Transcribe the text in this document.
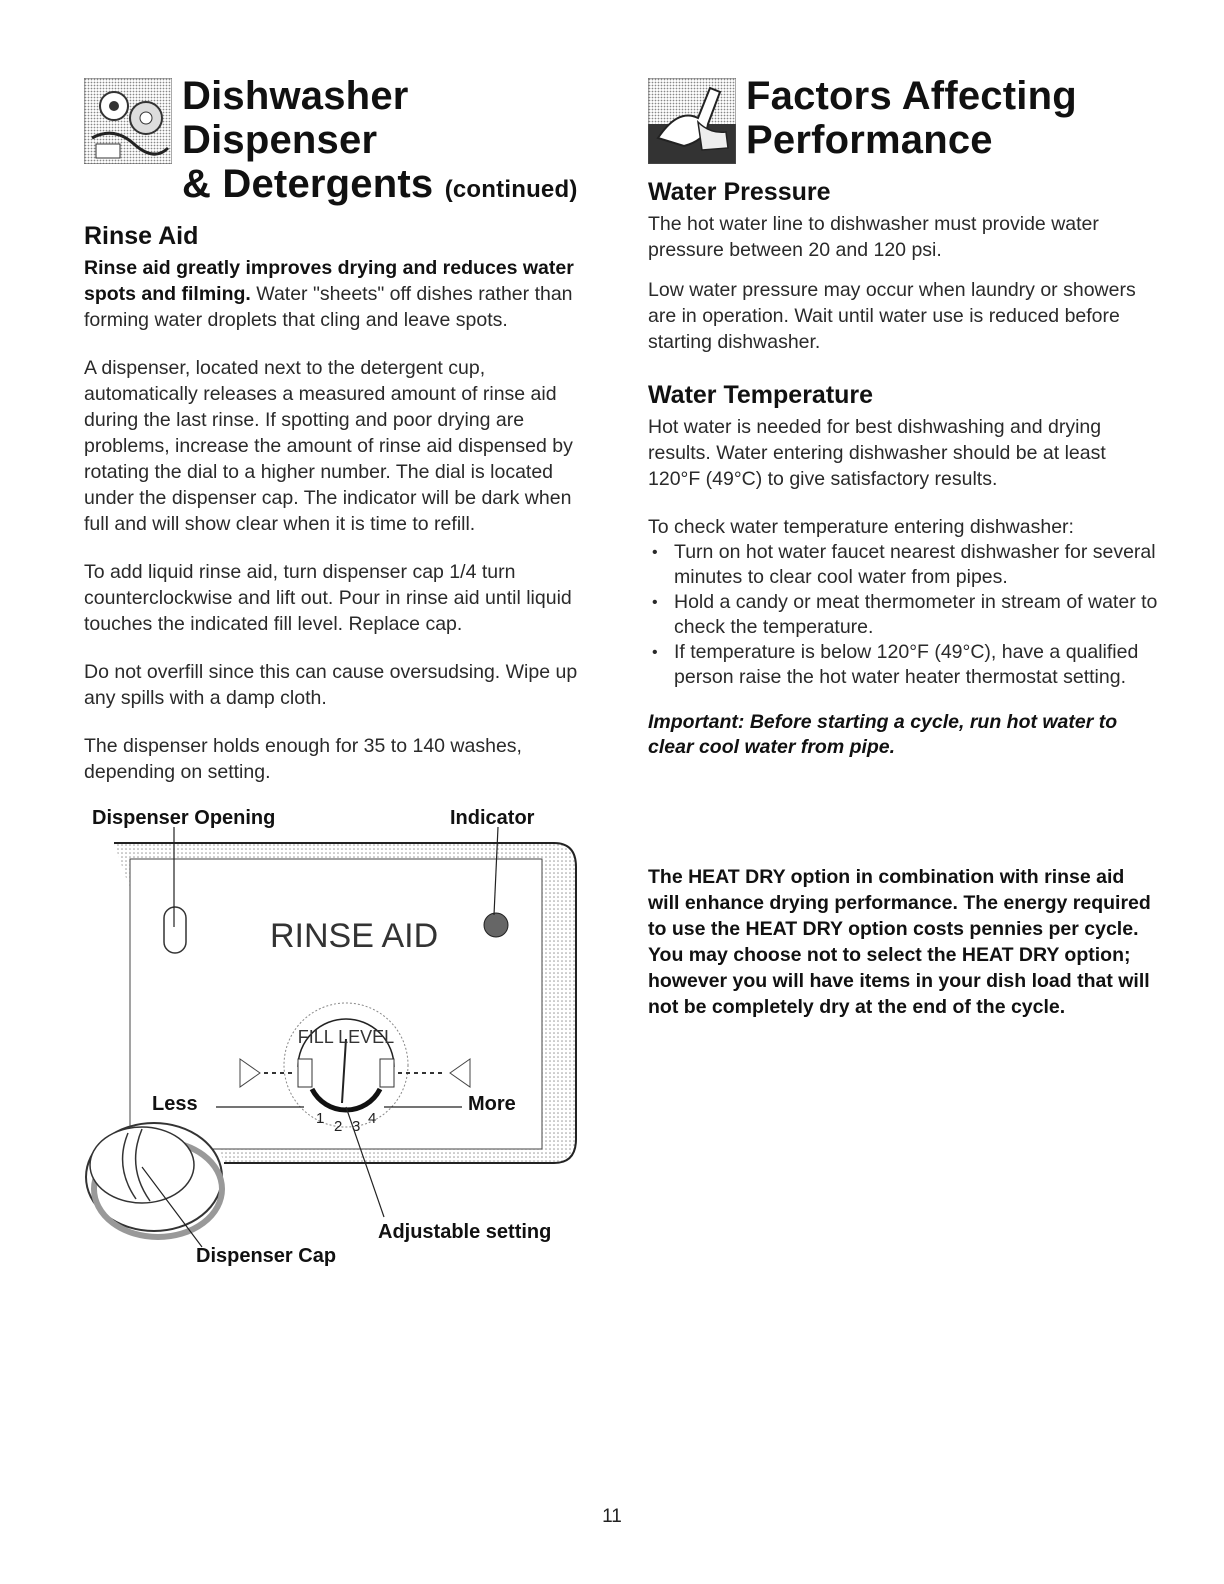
Dishwasher Dispenser
& Detergents (continued)
Rinse Aid

Rinse aid greatly improves drying and reduces water spots and filming. Water "sheets" off dishes rather than forming water droplets that cling and leave spots.

A dispenser, located next to the detergent cup, automatically releases a measured amount of rinse aid during the last rinse. If spotting and poor drying are problems, increase the amount of rinse aid dispensed by rotating the dial to a higher number. The dial is located under the dispenser cap. The indicator will be dark when full and will show clear when it is time to refill.

To add liquid rinse aid, turn dispenser cap 1/4 turn counterclockwise and lift out. Pour in rinse aid until liquid touches the indicated fill level. Replace cap.

Do not overfill since this can cause oversudsing. Wipe up any spills with a damp cloth.

The dispenser holds enough for 35 to 140 washes, depending on setting.

FILL LEVEL
1 2 3 4
Dispenser Opening	Indicator
RINSE AID
Less	More
Adjustable setting
Dispenser Cap
Factors Affecting
Performance
Water Pressure

The hot water line to dishwasher must provide water pressure between 20 and 120 psi.

Low water pressure may occur when laundry or showers are in operation. Wait until water use is reduced before starting dishwasher.

Water Temperature

Hot water is needed for best dishwashing and drying results. Water entering dishwasher should be at least 120°F (49°C) to give satisfactory results.

To check water temperature entering dishwasher:

• Turn on hot water faucet nearest dishwasher for several minutes to clear cool water from pipes.
• Hold a candy or meat thermometer in stream of water to check the temperature.
• If temperature is below 120°F (49°C), have a qualified person raise the hot water heater thermostat setting.
Important: Before starting a cycle, run hot water to clear cool water from pipe.
The HEAT DRY option in combination with rinse aid will enhance drying performance. The energy required to use the HEAT DRY option costs pennies per cycle. You may choose not to select the HEAT DRY option; however you will have items in your dish load that will not be completely dry at the end of the cycle.
11
